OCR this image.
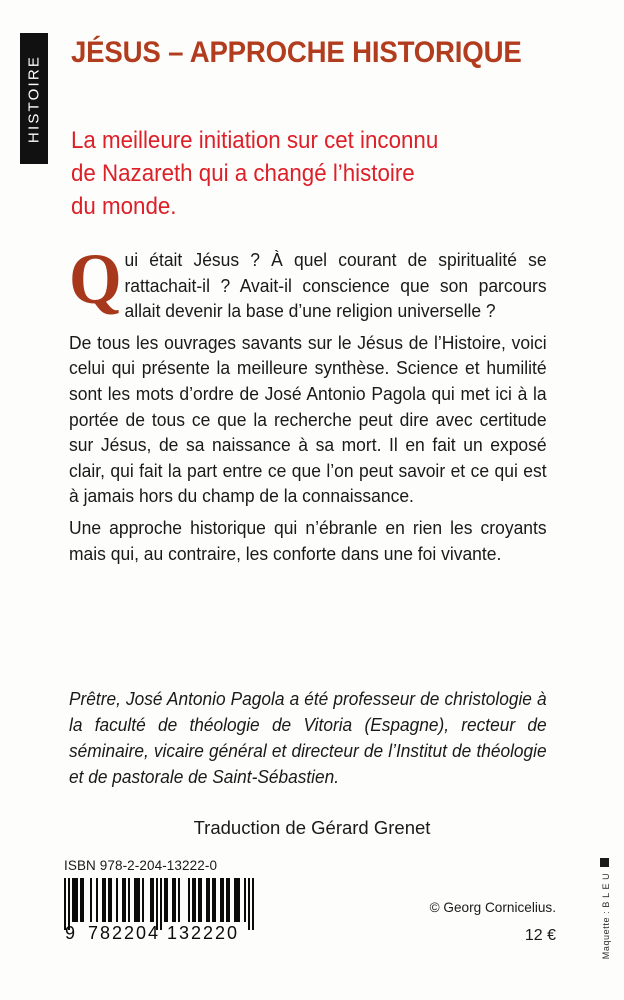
HISTOIRE
JÉSUS – APPROCHE HISTORIQUE
La meilleure initiation sur cet inconnu
de Nazareth qui a changé l’histoire
du monde.

Qui était Jésus ? À quel courant de spiritualité se rattachait-il ? Avait-il conscience que son parcours allait devenir la base d’une religion universelle ?

De tous les ouvrages savants sur le Jésus de l’Histoire, voici celui qui présente la meilleure synthèse. Science et humilité sont les mots d’ordre de José Antonio Pagola qui met ici à la portée de tous ce que la recherche peut dire avec certitude sur Jésus, de sa naissance à sa mort. Il en fait un exposé clair, qui fait la part entre ce que l’on peut savoir et ce qui est à jamais hors du champ de la connaissance.

Une approche historique qui n’ébranle en rien les croyants mais qui, au contraire, les conforte dans une foi vivante.

Prêtre, José Antonio Pagola a été professeur de christologie à la faculté de théologie de Vitoria (Espagne), recteur de séminaire, vicaire général et directeur de l’Institut de théologie et de pastorale de Saint-Sébastien.
Traduction de Gérard Grenet
ISBN 978-2-204-13222-0
9 782204 132220
© Georg Cornicelius.
12 €	Maquette : B L E U
